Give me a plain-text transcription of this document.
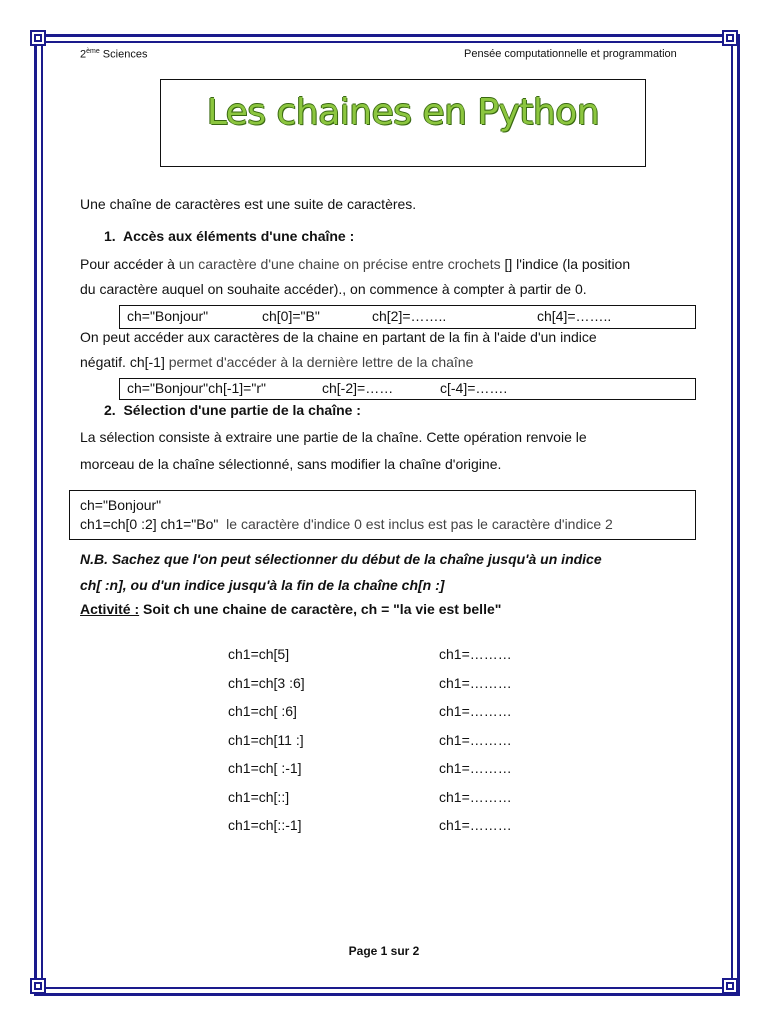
2ème Sciences	Pensée computationnelle et programmation
Les chaines en Python
Une chaîne de caractères est une suite de caractères.
1. Accès aux éléments d'une chaîne :
Pour accéder à un caractère d'une chaine on précise entre crochets [] l'indice (la position
du caractère auquel on souhaite accéder)., on commence à compter à partir de 0.
ch="Bonjour"	ch[0]="B"	ch[2]=……..	ch[4]=……..
On peut accéder aux caractères de la chaine en partant de la fin à l'aide d'un indice
négatif. ch[-1] permet d'accéder à la dernière lettre de la chaîne
ch="Bonjour"ch[-1]="r"	ch[-2]=……	c[-4]=…….
2. Sélection d'une partie de la chaîne :
La sélection consiste à extraire une partie de la chaîne. Cette opération renvoie le
morceau de la chaîne sélectionné, sans modifier la chaîne d'origine.
ch="Bonjour"
ch1=ch[0 :2] ch1="Bo" le caractère d'indice 0 est inclus est pas le caractère d'indice 2
N.B. Sachez que l'on peut sélectionner du début de la chaîne jusqu'à un indice
ch[ :n], ou d'un indice jusqu'à la fin de la chaîne ch[n :]
Activité : Soit ch une chaine de caractère, ch = "la vie est belle"
ch1=ch[5]	ch1=………
ch1=ch[3 :6]	ch1=………
ch1=ch[ :6]	ch1=………
ch1=ch[11 :]	ch1=………
ch1=ch[ :-1]	ch1=………
ch1=ch[::]	ch1=………
ch1=ch[::-1]	ch1=………
Page 1 sur 2
